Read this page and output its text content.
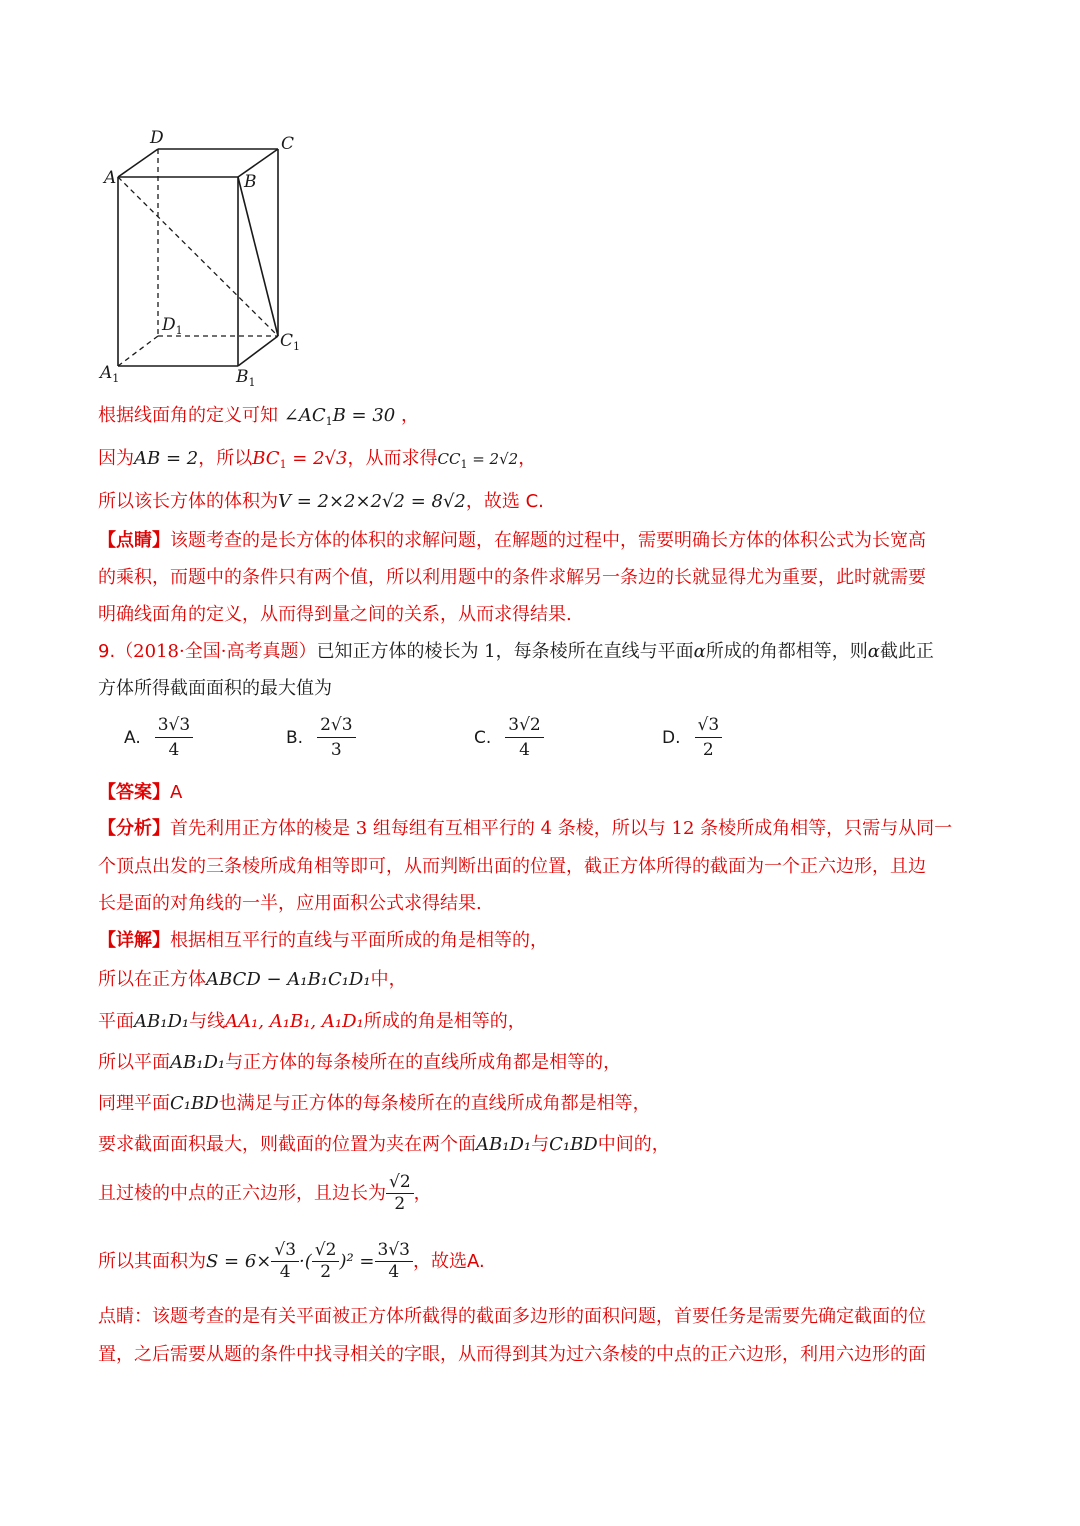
D	C
A	B
$D_1$
$C_1$
$A_1$	$B_1$
根据线面角的定义可知 $\angle AC_1B = 30$ ，
因为AB = 2，所以$BC_1 = 2√3$，从而求得$CC_1 = 2√2$，
所以该长方体的体积为V = 2×2×2√2 = 8√2，故选 C.
【点睛】该题考查的是长方体的体积的求解问题，在解题的过程中，需要明确长方体的体积公式为长宽高
的乘积，而题中的条件只有两个值，所以利用题中的条件求解另一条边的长就显得尤为重要，此时就需要
明确线面角的定义，从而得到量之间的关系，从而求得结果.
9.（2018·全国·高考真题）已知正方体的棱长为 1，每条棱所在直线与平面α所成的角都相等，则α截此正
方体所得截面面积的最大值为
A. $\frac{3√3}{4}$	B. $\frac{2√3}{3}$	C. $\frac{3√2}{4}$	D. $\frac{√3}{2}$
【答案】A
【分析】首先利用正方体的棱是 3 组每组有互相平行的 4 条棱，所以与 12 条棱所成角相等，只需与从同一
个顶点出发的三条棱所成角相等即可，从而判断出面的位置，截正方体所得的截面为一个正六边形，且边
长是面的对角线的一半，应用面积公式求得结果.
【详解】根据相互平行的直线与平面所成的角是相等的，
所以在正方体ABCD − A₁B₁C₁D₁中，
平面AB₁D₁与线AA₁, A₁B₁, A₁D₁所成的角是相等的，
所以平面AB₁D₁与正方体的每条棱所在的直线所成角都是相等的，
同理平面C₁BD也满足与正方体的每条棱所在的直线所成角都是相等，
要求截面面积最大，则截面的位置为夹在两个面AB₁D₁与C₁BD中间的，
且过棱的中点的正六边形，且边长为 $\frac{√2}{2}$ ，
所以其面积为 $S = 6\times \frac{√3}{4}$ ·( $\frac{√2}{2} )^2 = \frac{3√3}{4}$ ，故选 A.
点睛：该题考查的是有关平面被正方体所截得的截面多边形的面积问题，首要任务是需要先确定截面的位
置，之后需要从题的条件中找寻相关的字眼，从而得到其为过六条棱的中点的正六边形，利用六边形的面
